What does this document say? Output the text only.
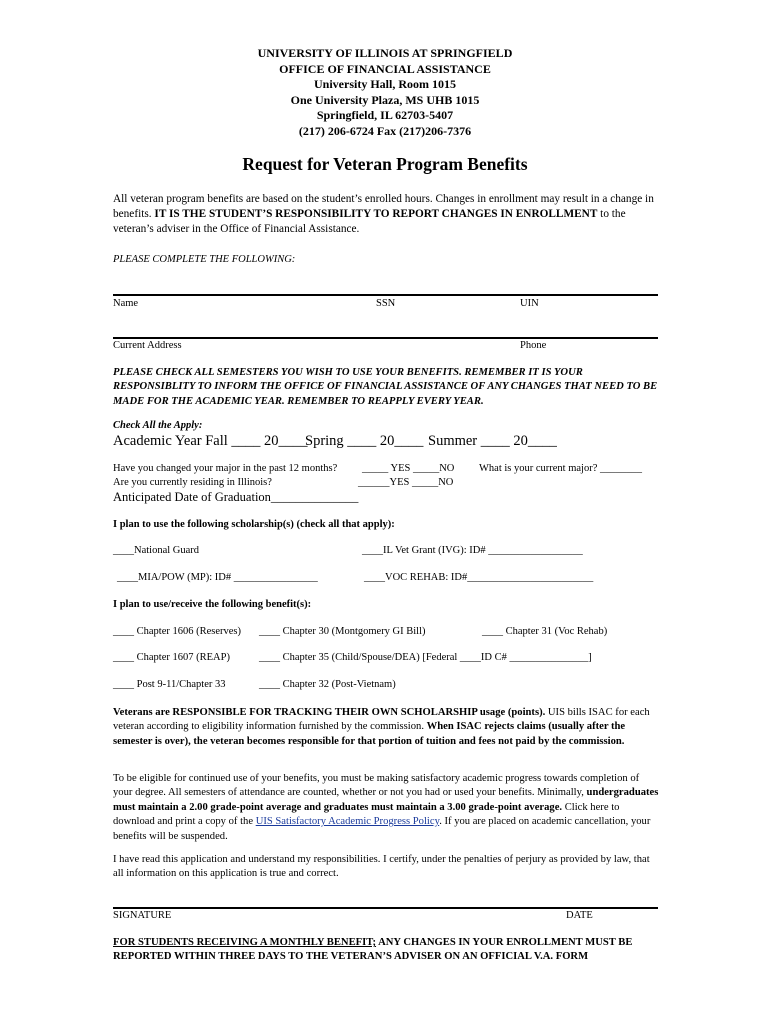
UNIVERSITY OF ILLINOIS AT SPRINGFIELD
OFFICE OF FINANCIAL ASSISTANCE
University Hall, Room 1015
One University Plaza, MS UHB 1015
Springfield, IL 62703-5407
(217) 206-6724 Fax (217)206-7376
Request for Veteran Program Benefits
All veteran program benefits are based on the student’s enrolled hours. Changes in enrollment may result in a change in benefits. IT IS THE STUDENT’S RESPONSIBILITY TO REPORT CHANGES IN ENROLLMENT to the veteran’s adviser in the Office of Financial Assistance.
PLEASE COMPLETE THE FOLLOWING:
Name	SSN	UIN
Current Address	Phone
PLEASE CHECK ALL SEMESTERS YOU WISH TO USE YOUR BENEFITS. REMEMBER IT IS YOUR RESPONSIBLITY TO INFORM THE OFFICE OF FINANCIAL ASSISTANCE OF ANY CHANGES THAT NEED TO BE MADE FOR THE ACADEMIC YEAR. REMEMBER TO REAPPLY EVERY YEAR.
Check All the Apply:
Academic Year Fall ____ 20____
Spring ____ 20____ Summer ____ 20____
Have you changed your major in the past 12 months? _____ YES _____NO What is your current major? ________
Are you currently residing in Illinois?	______YES _____NO
Anticipated Date of Graduation______________
I plan to use the following scholarship(s) (check all that apply):
____National Guard	____IL Vet Grant (IVG): ID# __________________
____MIA/POW (MP): ID# ________________	____VOC REHAB: ID#________________________
I plan to use/receive the following benefit(s):
____ Chapter 1606 (Reserves) ____ Chapter 30 (Montgomery GI Bill)	____ Chapter 31 (Voc Rehab)
____ Chapter 1607 (REAP)	____ Chapter 35 (Child/Spouse/DEA) [Federal ____ID C# _______________]
____ Post 9-11/Chapter 33	____ Chapter 32 (Post-Vietnam)
Veterans are RESPONSIBLE FOR TRACKING THEIR OWN SCHOLARSHIP usage (points). UIS bills ISAC for each veteran according to eligibility information furnished by the commission. When ISAC rejects claims (usually after the semester is over), the veteran becomes responsible for that portion of tuition and fees not paid by the commission.
To be eligible for continued use of your benefits, you must be making satisfactory academic progress towards completion of your degree. All semesters of attendance are counted, whether or not you had or used your benefits. Minimally, undergraduates must maintain a 2.00 grade-point average and graduates must maintain a 3.00 grade-point average. Click here to download and print a copy of the UIS Satisfactory Academic Progress Policy. If you are placed on academic cancellation, your benefits will be suspended.
I have read this application and understand my responsibilities. I certify, under the penalties of perjury as provided by law, that all information on this application is true and correct.
SIGNATURE	DATE
FOR STUDENTS RECEIVING A MONTHLY BENEFIT; ANY CHANGES IN YOUR ENROLLMENT MUST BE REPORTED WITHIN THREE DAYS TO THE VETERAN’S ADVISER ON AN OFFICIAL V.A. FORM
